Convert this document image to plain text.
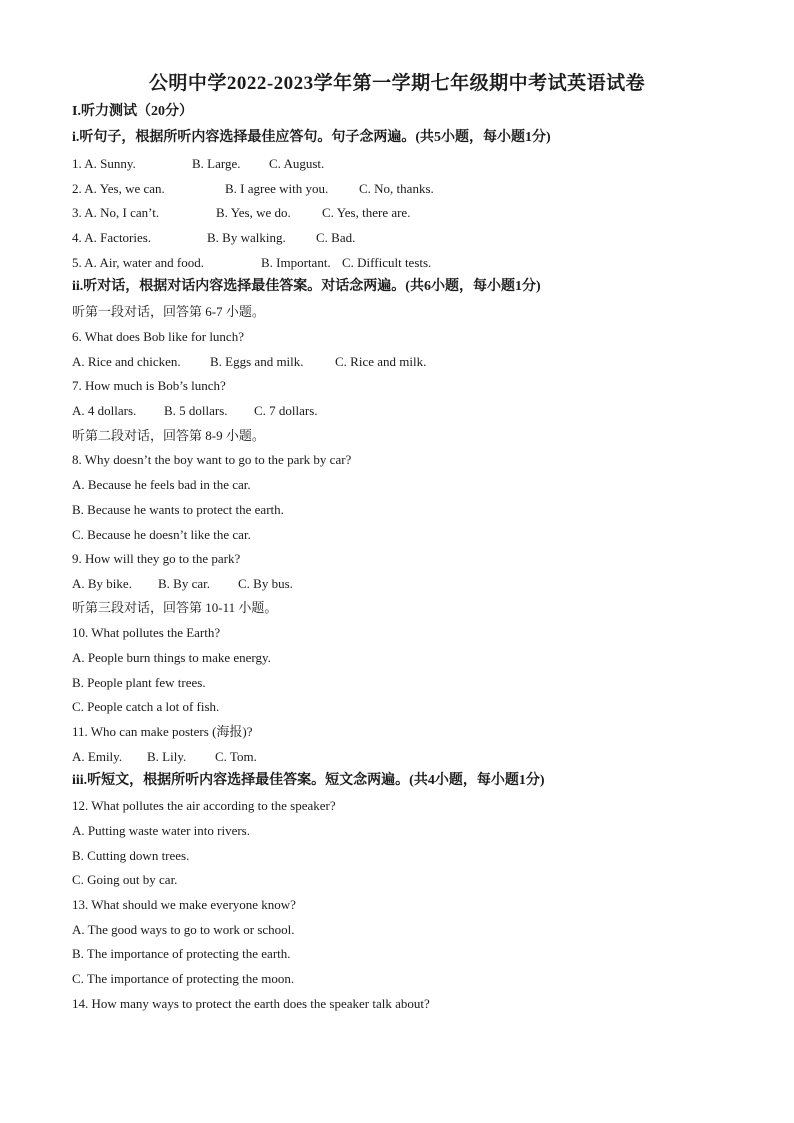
公明中学2022-2023学年第一学期七年级期中考试英语试卷
I.听力测试（20分）
i.听句子，根据所听内容选择最佳应答句。句子念两遍。(共5小题，每小题1分)
1. A. Sunny.	B. Large. C. August.
2. A. Yes, we can.	B. I agree with you. C. No, thanks.
3. A. No, I can’t.	B. Yes, we do. C. Yes, there are.
4. A. Factories.	B. By walking. C. Bad.
5. A. Air, water and food.	B. Important. C. Difficult tests.
ii.听对话，根据对话内容选择最佳答案。对话念两遍。(共6小题，每小题1分)
听第一段对话，回答第 6-7 小题。
6. What does Bob like for lunch?
A. Rice and chicken. B. Eggs and milk. C. Rice and milk.
7. How much is Bob’s lunch?
A. 4 dollars. B. 5 dollars. C. 7 dollars.
听第二段对话，回答第 8-9 小题。
8. Why doesn’t the boy want to go to the park by car?
A. Because he feels bad in the car.
B. Because he wants to protect the earth.
C. Because he doesn’t like the car.
9. How will they go to the park?
A. By bike. B. By car. C. By bus.
听第三段对话，回答第 10-11 小题。
10. What pollutes the Earth?
A. People burn things to make energy.
B. People plant few trees.
C. People catch a lot of fish.
11. Who can make posters (海报)?
A. Emily. B. Lily. C. Tom.
iii.听短文，根据所听内容选择最佳答案。短文念两遍。(共4小题，每小题1分)
12. What pollutes the air according to the speaker?
A. Putting waste water into rivers.
B. Cutting down trees.
C. Going out by car.
13. What should we make everyone know?
A. The good ways to go to work or school.
B. The importance of protecting the earth.
C. The importance of protecting the moon.
14. How many ways to protect the earth does the speaker talk about?
